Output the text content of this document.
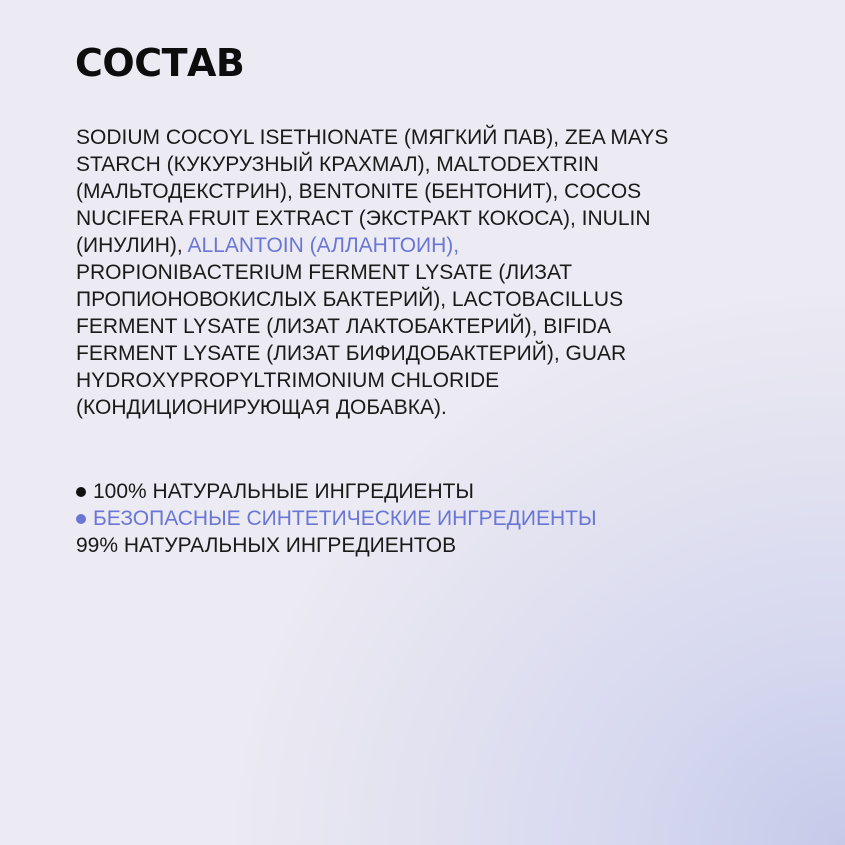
СОСТАВ

SODIUM COCOYL ISETHIONATE (МЯГКИЙ ПАВ), ZEA MAYS STARCH (КУКУРУЗНЫЙ КРАХМАЛ), MALTODEXTRIN (МАЛЬТОДЕКСТРИН), BENTONITE (БЕНТОНИТ), COCOS NUCIFERA FRUIT EXTRACT (ЭКСТРАКТ КОКОСА), INULIN (ИНУЛИН), ALLANTOIN (АЛЛАНТОИН), PROPIONIBACTERIUM FERMENT LYSATE (ЛИЗАТ ПРОПИОНОВОКИСЛЫХ БАКТЕРИЙ), LACTOBACILLUS FERMENT LYSATE (ЛИЗАТ ЛАКТОБАКТЕРИЙ), BIFIDA FERMENT LYSATE (ЛИЗАТ БИФИДОБАКТЕРИЙ), GUAR HYDROXYPROPYLTRIMONIUM CHLORIDE (КОНДИЦИОНИРУЮЩАЯ ДОБАВКА).

100% НАТУРАЛЬНЫЕ ИНГРЕДИЕНТЫ
БЕЗОПАСНЫЕ СИНТЕТИЧЕСКИЕ ИНГРЕДИЕНТЫ
99% НАТУРАЛЬНЫХ ИНГРЕДИЕНТОВ
